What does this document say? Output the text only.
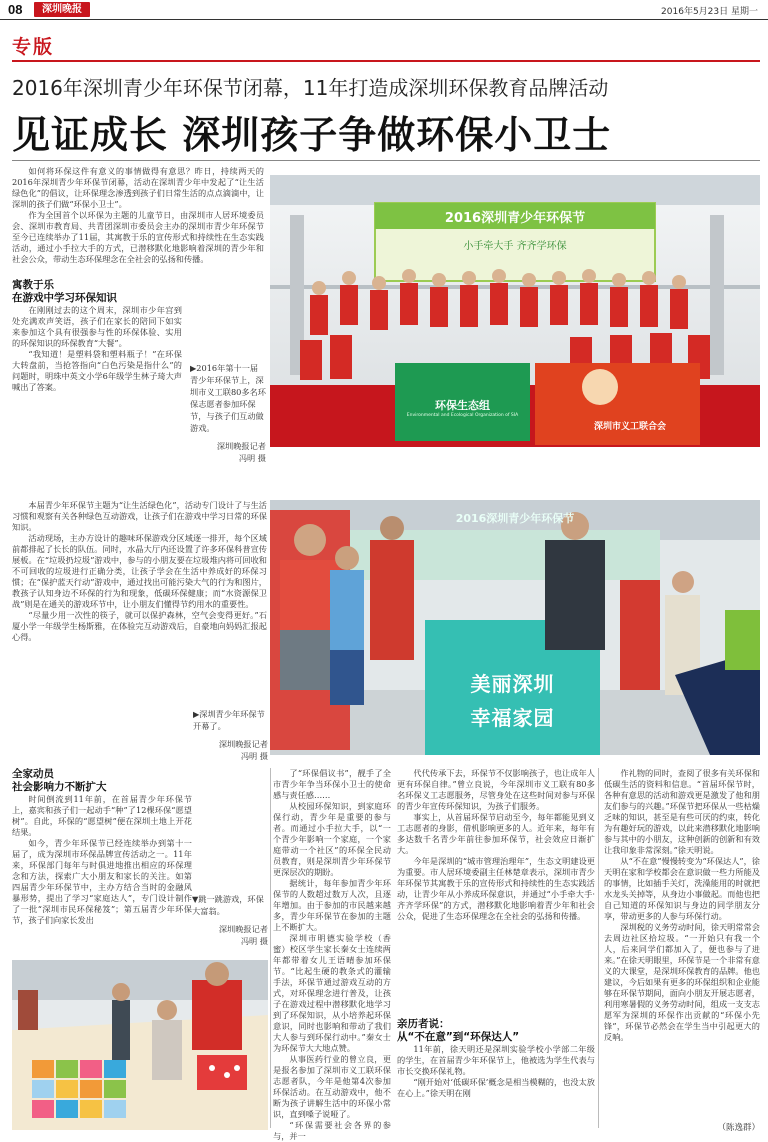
08	深圳晚报	2016年5月23日 星期一
专版
2016年深圳青少年环保节闭幕，11年打造成深圳环保教育品牌活动
见证成长 深圳孩子争做环保小卫士

如何将环保这件有意义的事情做得有意思？昨日，持续两天的2016年深圳青少年环保节闭幕，活动在深圳青少年中发起了“让生活绿色化”的倡议，让环保理念渗透到孩子们日常生活的点点滴滴中，让深圳的孩子们做“环保小卫士”。

作为全国首个以环保为主题的儿童节日，由深圳市人居环境委员会、深圳市教育局、共青团深圳市委员会主办的深圳市青少年环保节至今已连续举办了11届，其寓教于乐的宣传形式和持续性在生态实践活动，通过小手拉大手的方式，已潜移默化地影响着深圳的青少年和社会公众，带动生态环保理念在全社会的弘扬和传播。

寓教于乐

在游戏中学习环保知识

在刚刚过去的这个周末，深圳市少年宫到处充满欢声笑语，孩子们在家长的陪同下如实来参加这个具有很强参与性的环保体验、实用的环保知识的环保教育“大餐”。

“我知道！是塑料袋和塑料瓶子！”在环保大转盘前，当抢答指向“白色污染是指什么”的问题时，明珠中英文小学6年级学生林子琦大声喊出了答案。

▶2016年第十一届青少年环保节上，深圳市义工联80多名环保志愿者参加环保节，与孩子们互动做游戏。
深圳晚报记者
冯明 摄

本届青少年环保节主题为“让生活绿色化”，活动专门设计了与生活习惯和观察有关各种绿色互动游戏，让孩子们在游戏中学习日常的环保知识。

活动现场，主办方设计的趣味环保游戏分区域逐一排开，每个区域前都排起了长长的队伍。同时，水晶大厅内还设置了许多环保科普宣传展板。在“垃圾扔垃圾”游戏中，参与的小朋友要在垃圾堆内将可回收和不可回收的垃圾进行正确分类，让孩子学会在生活中养成好的环保习惯；在“保护蓝天行动”游戏中，通过找出可能污染大气的行为和图片，教孩子认知身边不环保的行为和现象，低碳环保健康；而“水资源保卫战”则是在通关的游戏环节中，让小朋友们懂得节约用水的重要性。

“尽量少用一次性的筷子，就可以保护森林，空气会变得更好。”石厦小学一年级学生杨斯雅，在体验完互动游戏后，自豪地向妈妈汇报起心得。

▶深圳青少年环保节开幕了。
深圳晚报记者
冯明 摄
2016深圳青少年环保节
小手牵大手 齐齐学环保
环保生态组
Environmental and Ecological Organization of SIA
深圳市义工联合会
2016深圳青少年环保节
美丽深圳
幸福家园

全家动员

社会影响力不断扩大

时间倒流到11年前，在首届青少年环保节上，嘉宾和孩子们一起动手“种”了12棵环保“愿望树”。自此，环保的“愿望树”便在深圳土地上开花结果。

如今，青少年环保节已经连续举办到第十一届了，成为深圳市环保品牌宣传活动之一。11年来，环保部门每年与时俱进地推出相应的环保理念和方法，探索广大小朋友和家长的关注。如第四届青少年环保节中，主办方结合当时的金融风暴形势，提出了学习“家庭达人”，专门设计制作了一批“深圳市民环保秘笈”；第五届青少年环保节，孩子们向家长发出

▼跳一跳游戏，环保大富翁。
深圳晚报记者
冯明 摄

了“环保倡议书”，靓手了全市青少年争当环保小卫士的使命感与责任感……

从校园环保知识，到家庭环保行动，青少年是重要的参与者。而通过小手拉大手，以“一个青少年影响一个家庭，一个家庭带动一个社区”的环保全民动员教育，则是深圳青少年环保节更深层次的期盼。

据统计，每年参加青少年环保节的人数超过数万人次，且逐年增加。由于参加的市民越来越多，青少年环保节在参加的主题上不断扩大。

深圳市明德实验学校（香蜜）校区学生家长秦女士连续两年都带着女儿王语晴参加环保节。“比起生硬的教条式的灌输手法，环保节通过游戏互动的方式，对环保理念进行普及，让孩子在游戏过程中潜移默化地学习到了环保知识，从小培养起环保意识，同时也影响和带动了我们大人参与到环保行动中。”秦女士为环保节大大地点赞。

从事医药行业的曾立良，更是报名参加了深圳市义工联环保志愿者队，今年是他第4次参加环保活动。在互动游戏中，他不断为孩子讲解生活中的环保小常识，直到嗓子说哑了。

“环保需要社会各界的参与，并一

代代传承下去，环保节不仅影响孩子，也让成年人更有环保自律。”曾立良说，今年深圳市义工联有80多名环保义工志愿服务，尽管身处在这些时间对参与环保的青少年宣传环保知识，为孩子们服务。

事实上，从首届环保节启动至今，每年都能见到义工志愿者的身影，借机影响更多的人。近年来，每年有多达数千名青少年前往参加环保节，社会效应日渐扩大。

今年是深圳的“城市管理治理年”，生态文明建设更为重要。市人居环境委副主任林楚章表示，深圳市青少年环保节其寓教于乐的宣传形式和持续性的生态实践活动，让青少年从小养成环保意识，并通过“小手牵大手·齐齐学环保”的方式，潜移默化地影响着青少年和社会公众，促进了生态环保理念在全社会的弘扬和传播。

亲历者说：

从“不在意”到“环保达人”

11年前，徐天明还是深圳实验学校小学部二年级的学生，在首届青少年环保节上，他被选为学生代表与市长交换环保礼物。

“刚开始对‘低碳环保’概念是相当模糊的，也没太放在心上。”徐天明在刚

作礼物的同时，查阅了很多有关环保和低碳生活的资料和信息。“首届环保节时，各种有意思的活动和游戏更是激发了他和朋友们参与的兴趣。”环保节把环保从一些枯燥乏味的知识，甚至是有些可厌的约束，转化为有趣好玩的游戏，以此来潜移默化地影响参与其中的小朋友，这种创新的创新和有效让我印象非常深刻。”徐天明说。

从“不在意”慢慢转变为“环保达人”，徐天明在家和学校都会在意识做一些力所能及的事情，比如插手关灯，洗澡能用的时就把水龙头关掉等，从身边小事做起。而他也把自己知道的环保知识与身边的同学朋友分享，带动更多的人参与环保行动。

深圳税的义务劳动时间，徐天明常常会去周边社区拾垃圾。“一开始只有我一个人，后来同学们都加入了，便也参与了进来。”在徐天明眼里，环保节是一个非常有意义的大课堂，是深圳环保教育的品牌。他也建议，今后如果有更多的环保组织和企业能够在环保节期间，面向小朋友开展志愿者，利用寒暑假的义务劳动时间，组成一支支志愿军为深圳的环保作出贡献的“环保小先锋”，环保节必然会在学生当中引起更大的反响。

（陈逸群）
